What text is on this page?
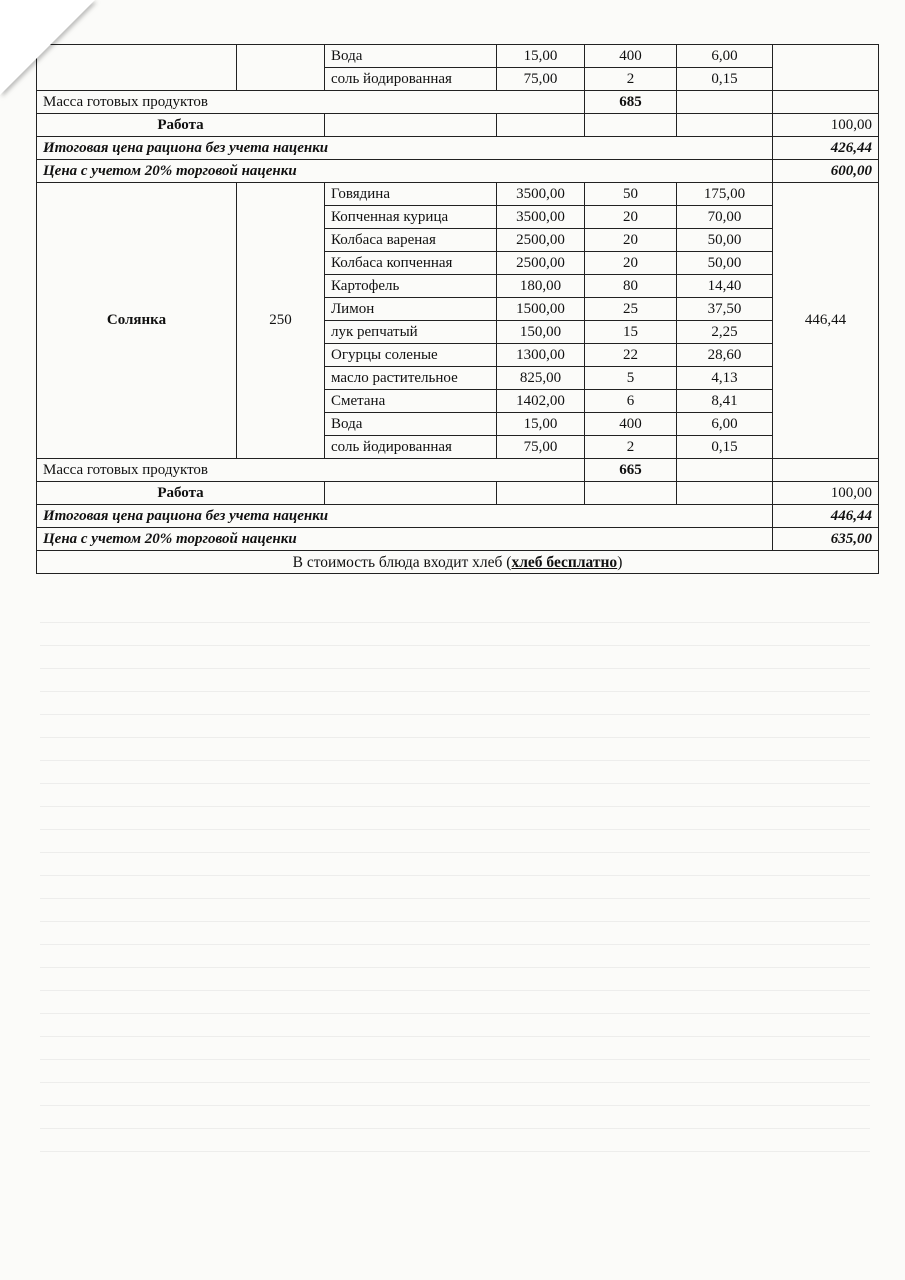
		Вода	15,00	400	6,00	
		соль йодированная	75,00	2	0,15	
Масса готовых продуктов				685		
Работа						100,00
Итоговая цена рациона без учета наценки						426,44
Цена с учетом 20% торговой наценки						600,00
Солянка	250	Говядина	3500,00	50	175,00	446,44
		Копченная курица	3500,00	20	70,00	
		Колбаса вареная	2500,00	20	50,00	
		Колбаса копченная	2500,00	20	50,00	
		Картофель	180,00	80	14,40	
		Лимон	1500,00	25	37,50	
		лук репчатый	150,00	15	2,25	
		Огурцы соленые	1300,00	22	28,60	
		масло растительное	825,00	5	4,13	
		Сметана	1402,00	6	8,41	
		Вода	15,00	400	6,00	
		соль йодированная	75,00	2	0,15	
Масса готовых продуктов				665		
Работа						100,00
Итоговая цена рациона без учета наценки						446,44
Цена с учетом 20% торговой наценки						635,00
В стоимость блюда входит хлеб (хлеб бесплатно)						
